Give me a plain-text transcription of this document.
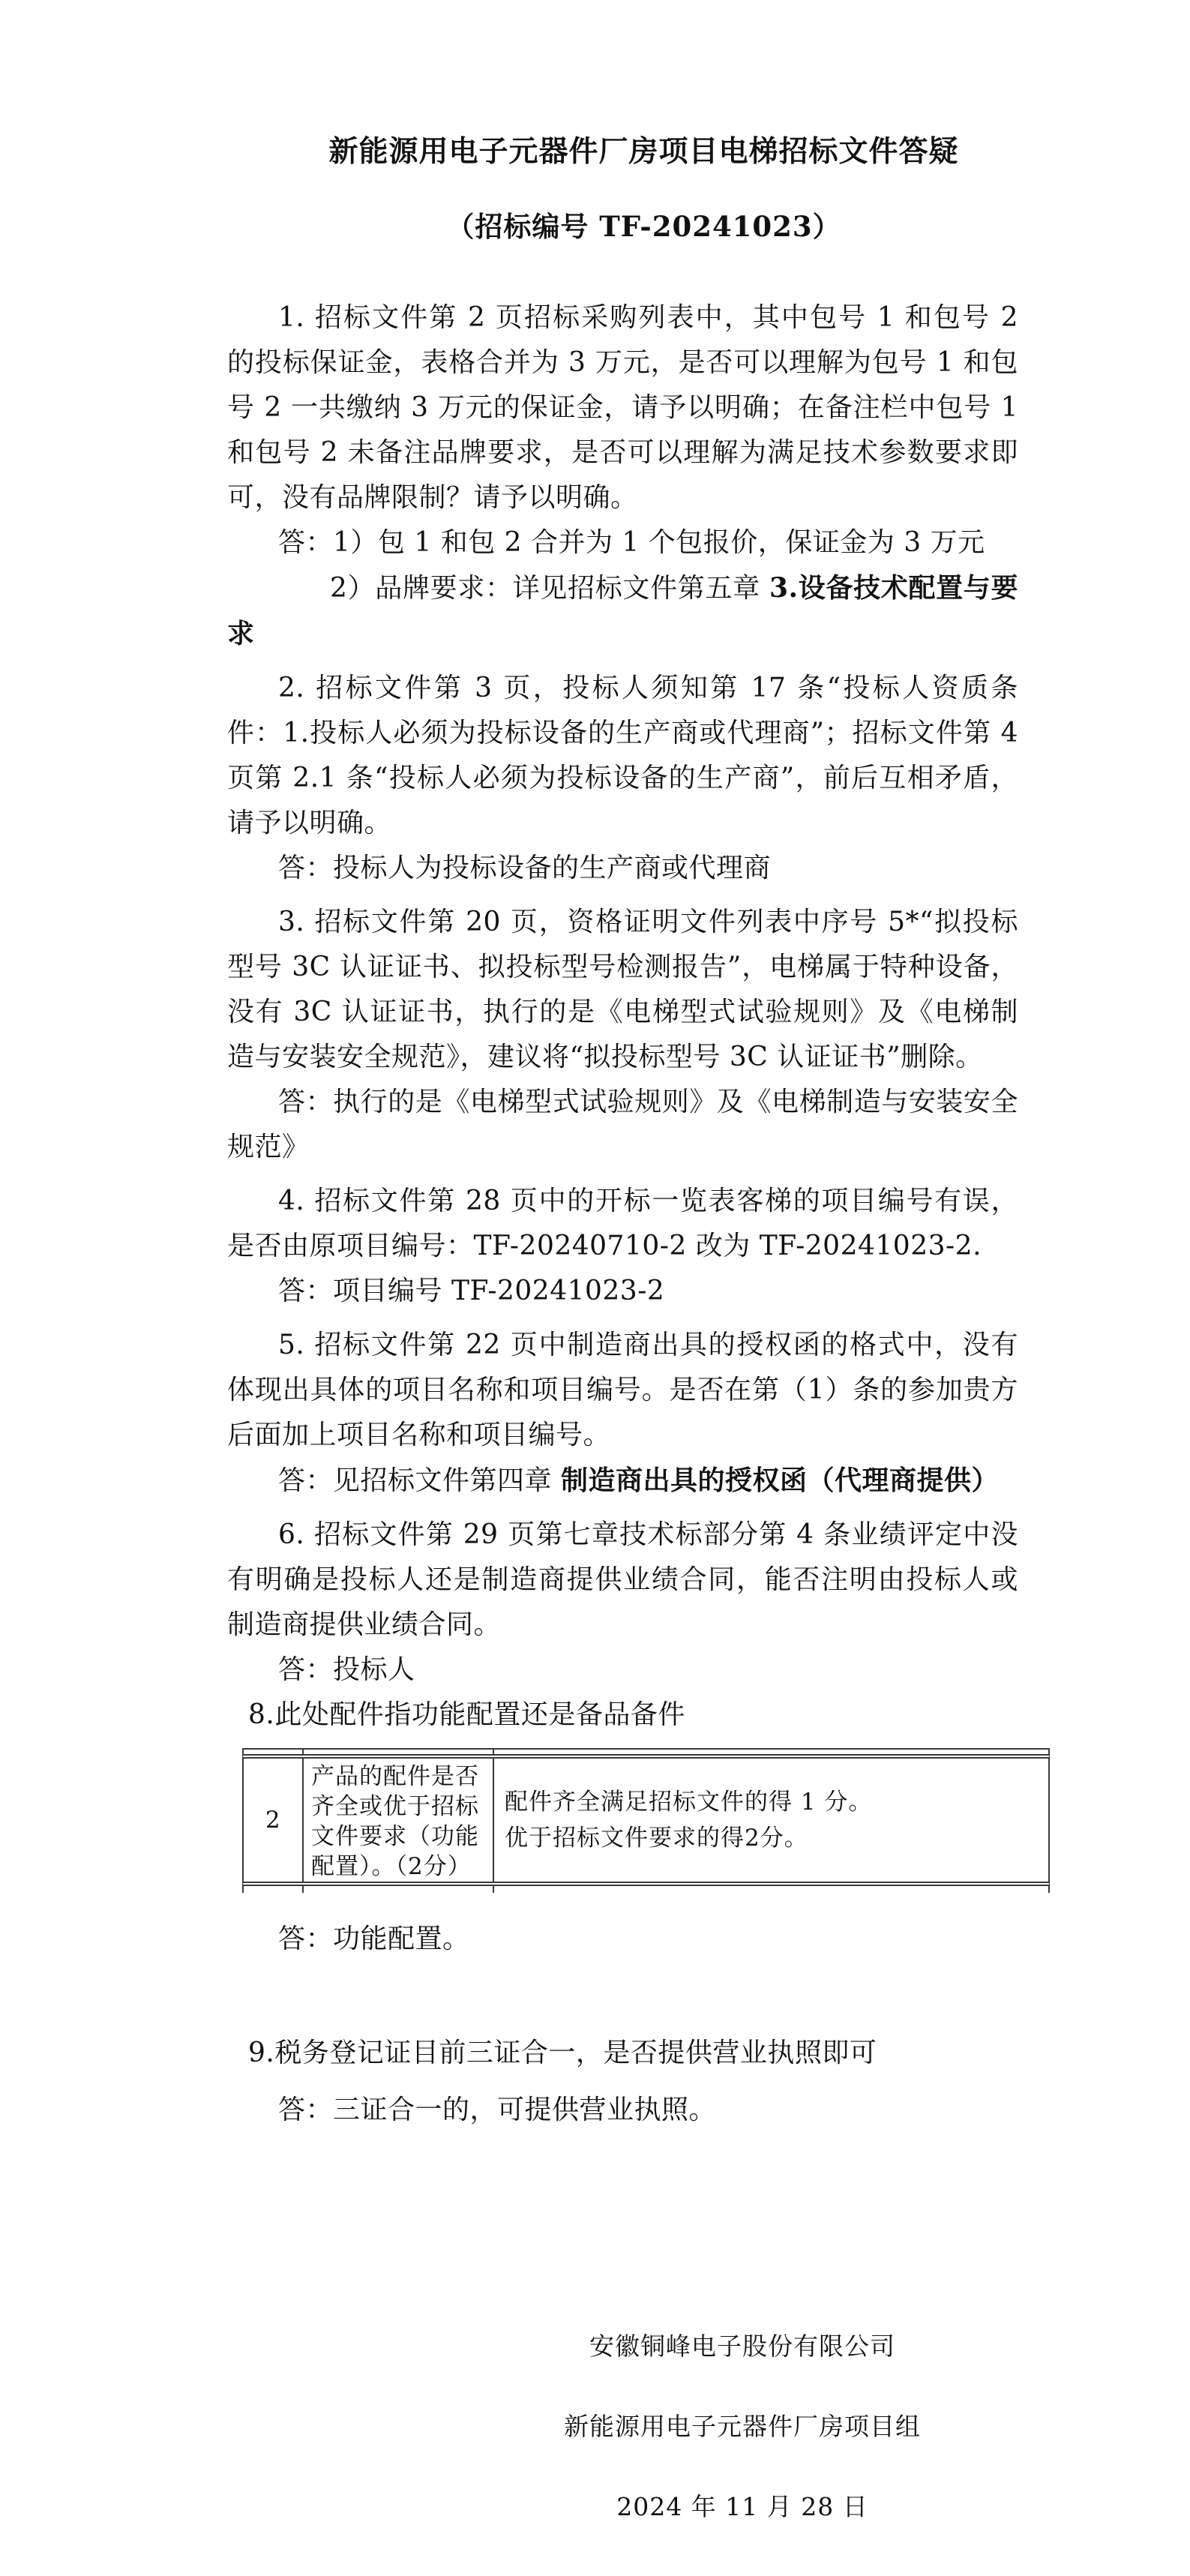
新能源用电子元器件厂房项目电梯招标文件答疑
（招标编号 TF-20241023）

1. 招标文件第 2 页招标采购列表中，其中包号 1 和包号 2 的投标保证金，表格合并为 3 万元，是否可以理解为包号 1 和包号 2 一共缴纳 3 万元的保证金，请予以明确；在备注栏中包号 1 和包号 2 未备注品牌要求，是否可以理解为满足技术参数要求即可，没有品牌限制？请予以明确。

答：1）包 1 和包 2 合并为 1 个包报价，保证金为 3 万元

2）品牌要求：详见招标文件第五章 3.设备技术配置与要求

2. 招标文件第 3 页，投标人须知第 17 条“投标人资质条件：1.投标人必须为投标设备的生产商或代理商”；招标文件第 4 页第 2.1 条“投标人必须为投标设备的生产商”，前后互相矛盾，请予以明确。

答：投标人为投标设备的生产商或代理商

3. 招标文件第 20 页，资格证明文件列表中序号 5*“拟投标型号 3C 认证证书、拟投标型号检测报告”，电梯属于特种设备，没有 3C 认证证书，执行的是《电梯型式试验规则》及《电梯制造与安装安全规范》，建议将“拟投标型号 3C 认证证书”删除。

答：执行的是《电梯型式试验规则》及《电梯制造与安装安全规范》

4. 招标文件第 28 页中的开标一览表客梯的项目编号有误，是否由原项目编号：TF-20240710-2 改为 TF-20241023-2.

答：项目编号 TF-20241023-2

5. 招标文件第 22 页中制造商出具的授权函的格式中，没有体现出具体的项目名称和项目编号。是否在第（1）条的参加贵方后面加上项目名称和项目编号。

答：见招标文件第四章 制造商出具的授权函（代理商提供）

6. 招标文件第 29 页第七章技术标部分第 4 条业绩评定中没有明确是投标人还是制造商提供业绩合同，能否注明由投标人或制造商提供业绩合同。

答：投标人

8.此处配件指功能配置还是备品备件

2
产品的配件是否齐全或优于招标文件要求（功能配置）。（2分）

配件齐全满足招标文件的得 1 分。

优于招标文件要求的得2分。

答：功能配置。

9.税务登记证目前三证合一，是否提供营业执照即可

答：三证合一的，可提供营业执照。

安徽铜峰电子股份有限公司
新能源用电子元器件厂房项目组
2024 年 11 月 28 日
